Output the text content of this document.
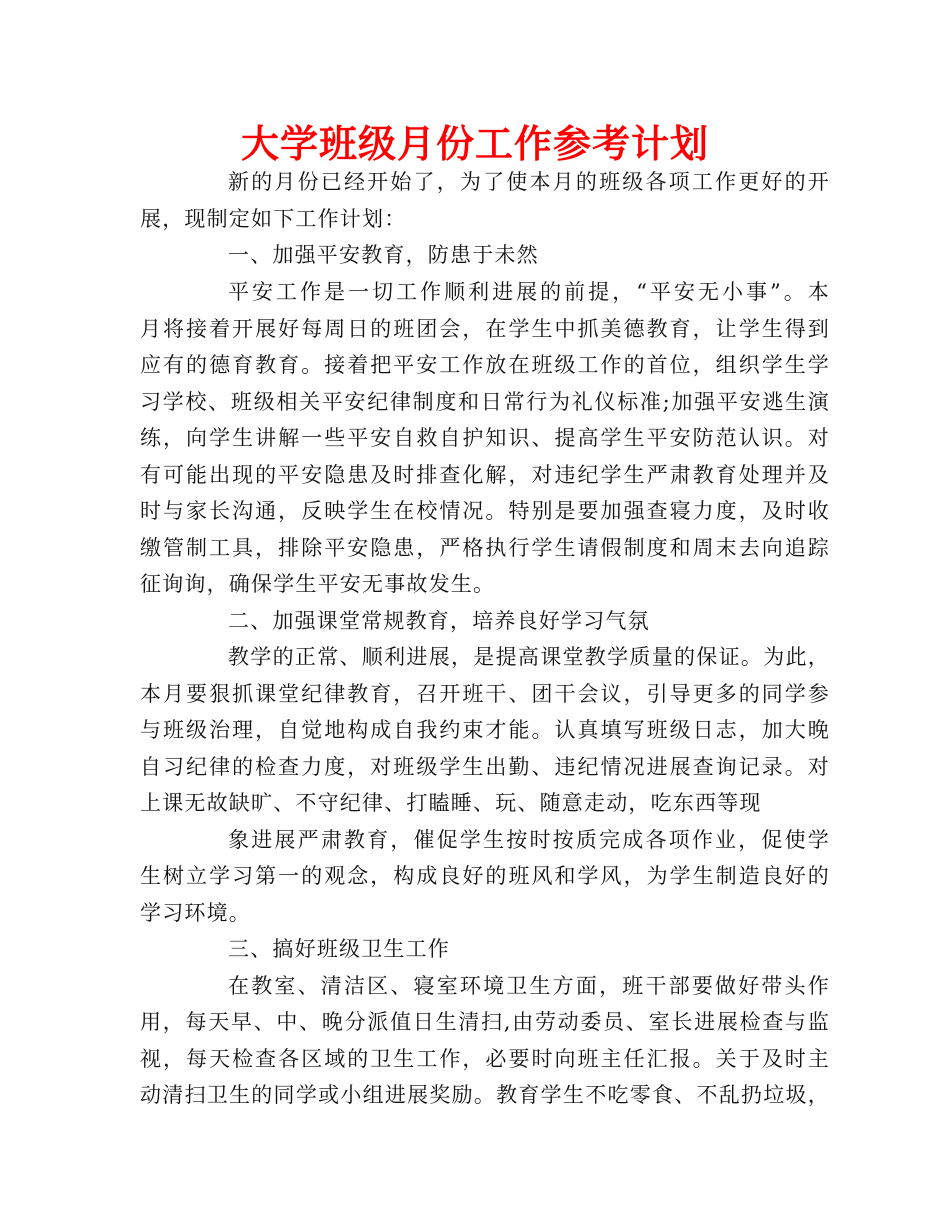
大学班级月份工作参考计划
新的月份已经开始了，为了使本月的班级各项工作更好的开
展，现制定如下工作计划：
一、加强平安教育，防患于未然
平安工作是一切工作顺利进展的前提，“平安无小事”。本
月将接着开展好每周日的班团会，在学生中抓美德教育，让学生得到
应有的德育教育。接着把平安工作放在班级工作的首位，组织学生学
习学校、班级相关平安纪律制度和日常行为礼仪标准;加强平安逃生演
练，向学生讲解一些平安自救自护知识、提高学生平安防范认识。对
有可能出现的平安隐患及时排查化解，对违纪学生严肃教育处理并及
时与家长沟通，反映学生在校情况。特别是要加强查寝力度，及时收
缴管制工具，排除平安隐患，严格执行学生请假制度和周末去向追踪
征询询，确保学生平安无事故发生。
二、加强课堂常规教育，培养良好学习气氛
教学的正常、顺利进展，是提高课堂教学质量的保证。为此，
本月要狠抓课堂纪律教育，召开班干、团干会议，引导更多的同学参
与班级治理，自觉地构成自我约束才能。认真填写班级日志，加大晚
自习纪律的检查力度，对班级学生出勤、违纪情况进展查询记录。对
上课无故缺旷、不守纪律、打瞌睡、玩、随意走动，吃东西等现
象进展严肃教育，催促学生按时按质完成各项作业，促使学
生树立学习第一的观念，构成良好的班风和学风，为学生制造良好的
学习环境。
三、搞好班级卫生工作
在教室、清洁区、寝室环境卫生方面，班干部要做好带头作
用，每天早、中、晚分派值日生清扫,由劳动委员、室长进展检查与监
视，每天检查各区域的卫生工作，必要时向班主任汇报。关于及时主
动清扫卫生的同学或小组进展奖励。教育学生不吃零食、不乱扔垃圾，
